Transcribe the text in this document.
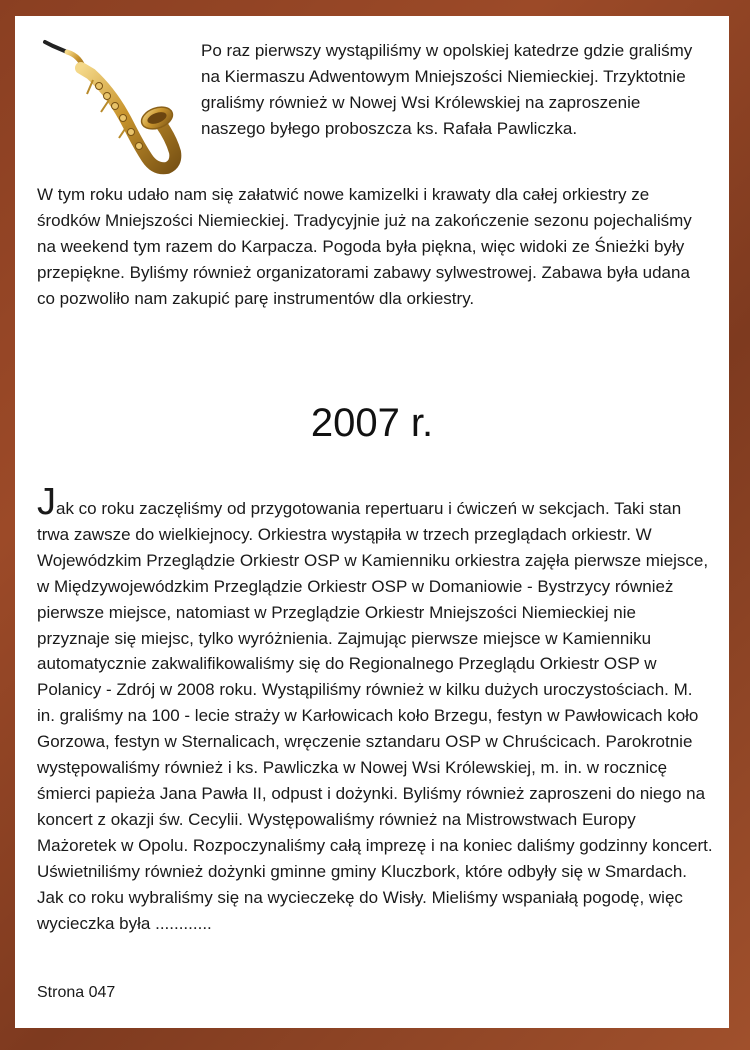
Po raz pierwszy wystąpiliśmy w opolskiej katedrze gdzie graliśmy na Kiermaszu Adwentowym Mniejszości Niemieckiej. Trzyktotnie graliśmy również w Nowej Wsi Królewskiej na zaproszenie naszego byłego proboszcza ks. Rafała Pawliczka.

W tym roku udało nam się załatwić nowe kamizelki i krawaty dla całej orkiestry ze środków Mniejszości Niemieckiej. Tradycyjnie już na zakończenie sezonu pojechaliśmy na weekend tym razem do Karpacza. Pogoda była piękna, więc widoki ze Śnieżki były przepiękne. Byliśmy również organizatorami zabawy sylwestrowej. Zabawa była udana co pozwoliło nam zakupić parę instrumentów dla orkiestry.

2007 r.

Jak co roku zaczęliśmy od przygotowania repertuaru i ćwiczeń w sekcjach. Taki stan trwa zawsze do wielkiejnocy. Orkiestra wystąpiła w trzech przeglądach orkiestr. W Wojewódzkim Przeglądzie Orkiestr OSP w Kamienniku orkiestra zajęła pierwsze miejsce, w Międzywojewódzkim Przeglądzie Orkiestr OSP w Domaniowie - Bystrzycy również pierwsze miejsce, natomiast w Przeglądzie Orkiestr Mniejszości Niemieckiej nie przyznaje się miejsc, tylko wyróżnienia. Zajmując pierwsze miejsce w Kamienniku automatycznie zakwalifikowaliśmy się do Regionalnego Przeglądu Orkiestr OSP w Polanicy - Zdrój w 2008 roku. Wystąpiliśmy również w kilku dużych uroczystościach. M. in. graliśmy na 100 - lecie straży w Karłowicach koło Brzegu, festyn w Pawłowicach koło Gorzowa, festyn w Sternalicach, wręczenie sztandaru OSP w Chruścicach. Parokrotnie występowaliśmy również i ks. Pawliczka w Nowej Wsi Królewskiej, m. in. w rocznicę śmierci papieża Jana Pawła II, odpust i dożynki. Byliśmy również zaproszeni do niego na koncert z okazji św. Cecylii. Występowaliśmy również na Mistrowstwach Europy Mażoretek w Opolu. Rozpoczynaliśmy całą imprezę i na koniec daliśmy godzinny koncert. Uświetniliśmy również dożynki gminne gminy Kluczbork, które odbyły się w Smardach. Jak co roku wybraliśmy się na wycieczekę do Wisły. Mieliśmy wspaniałą pogodę, więc wycieczka była ............

Strona 047
